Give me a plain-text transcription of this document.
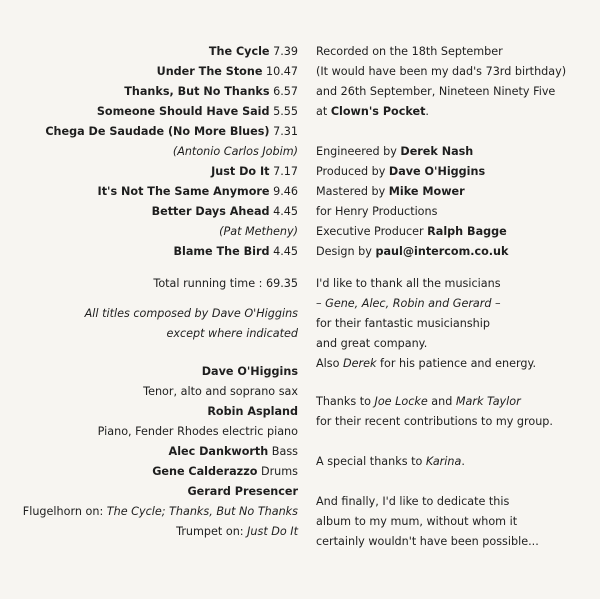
The Cycle 7.39
Under The Stone 10.47
Thanks, But No Thanks 6.57
Someone Should Have Said 5.55
Chega De Saudade (No More Blues) 7.31
(Antonio Carlos Jobim)
Just Do It 7.17
It's Not The Same Anymore 9.46
Better Days Ahead 4.45
(Pat Metheny)
Blame The Bird 4.45
Total running time : 69.35
All titles composed by Dave O'Higgins
except where indicated
Dave O'Higgins
Tenor, alto and soprano sax
Robin Aspland
Piano, Fender Rhodes electric piano
Alec Dankworth Bass
Gene Calderazzo Drums
Gerard Presencer
Flugelhorn on: The Cycle; Thanks, But No Thanks
Trumpet on: Just Do It
Recorded on the 18th September
(It would have been my dad's 73rd birthday)
and 26th September, Nineteen Ninety Five
at Clown's Pocket.
Engineered by Derek Nash
Produced by Dave O'Higgins
Mastered by Mike Mower
for Henry Productions
Executive Producer Ralph Bagge
Design by paul@intercom.co.uk
I'd like to thank all the musicians
– Gene, Alec, Robin and Gerard –
for their fantastic musicianship
and great company.
Also Derek for his patience and energy.
Thanks to Joe Locke and Mark Taylor
for their recent contributions to my group.
A special thanks to Karina.
And finally, I'd like to dedicate this
album to my mum, without whom it
certainly wouldn't have been possible...
